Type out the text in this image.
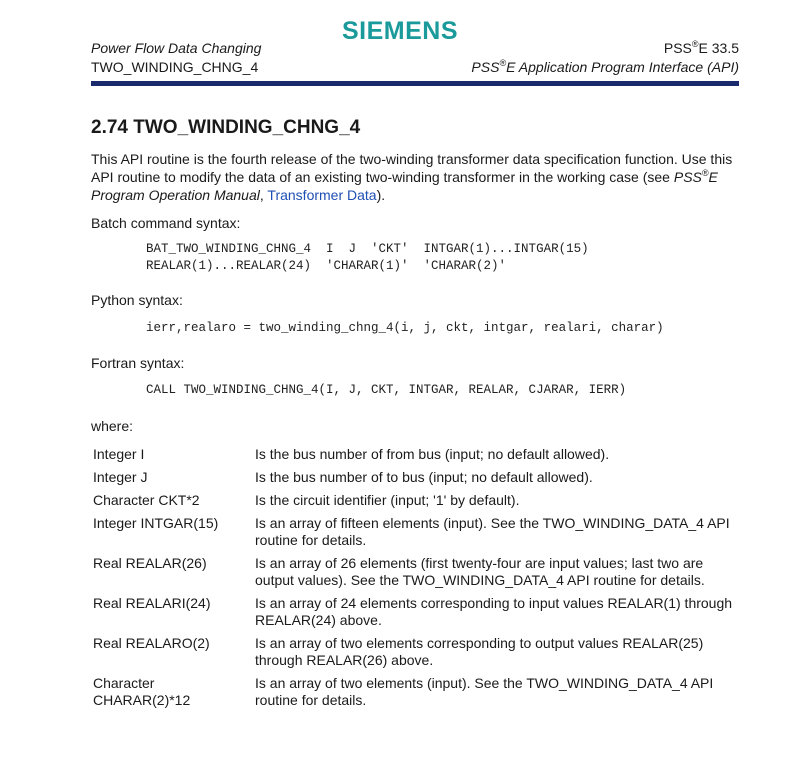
SIEMENS
Power Flow Data Changing
TWO_WINDING_CHNG_4
PSS®E 33.5
PSS®E Application Program Interface (API)
2.74 TWO_WINDING_CHNG_4
This API routine is the fourth release of the two-winding transformer data specification function. Use this API routine to modify the data of an existing two-winding transformer in the working case (see PSS®E Program Operation Manual, Transformer Data).
Batch command syntax:
BAT_TWO_WINDING_CHNG_4  I  J  'CKT'  INTGAR(1)...INTGAR(15)
REALAR(1)...REALAR(24)  'CHARAR(1)'  'CHARAR(2)'
Python syntax:
ierr,realaro = two_winding_chng_4(i, j, ckt, intgar, realari, charar)
Fortran syntax:
CALL TWO_WINDING_CHNG_4(I, J, CKT, INTGAR, REALAR, CJARAR, IERR)
where:
Integer I	Is the bus number of from bus (input; no default allowed).
Integer J	Is the bus number of to bus (input; no default allowed).
Character CKT*2	Is the circuit identifier (input; '1' by default).
Integer INTGAR(15)	Is an array of fifteen elements (input). See the TWO_WINDING_DATA_4 API routine for details.
Real REALAR(26)	Is an array of 26 elements (first twenty-four are input values; last two are output values). See the TWO_WINDING_DATA_4 API routine for details.
Real REALARI(24)	Is an array of 24 elements corresponding to input values REALAR(1) through REALAR(24) above.
Real REALARO(2)	Is an array of two elements corresponding to output values REALAR(25) through REALAR(26) above.
Character
CHARAR(2)*12	Is an array of two elements (input). See the TWO_WINDING_DATA_4 API routine for details.
